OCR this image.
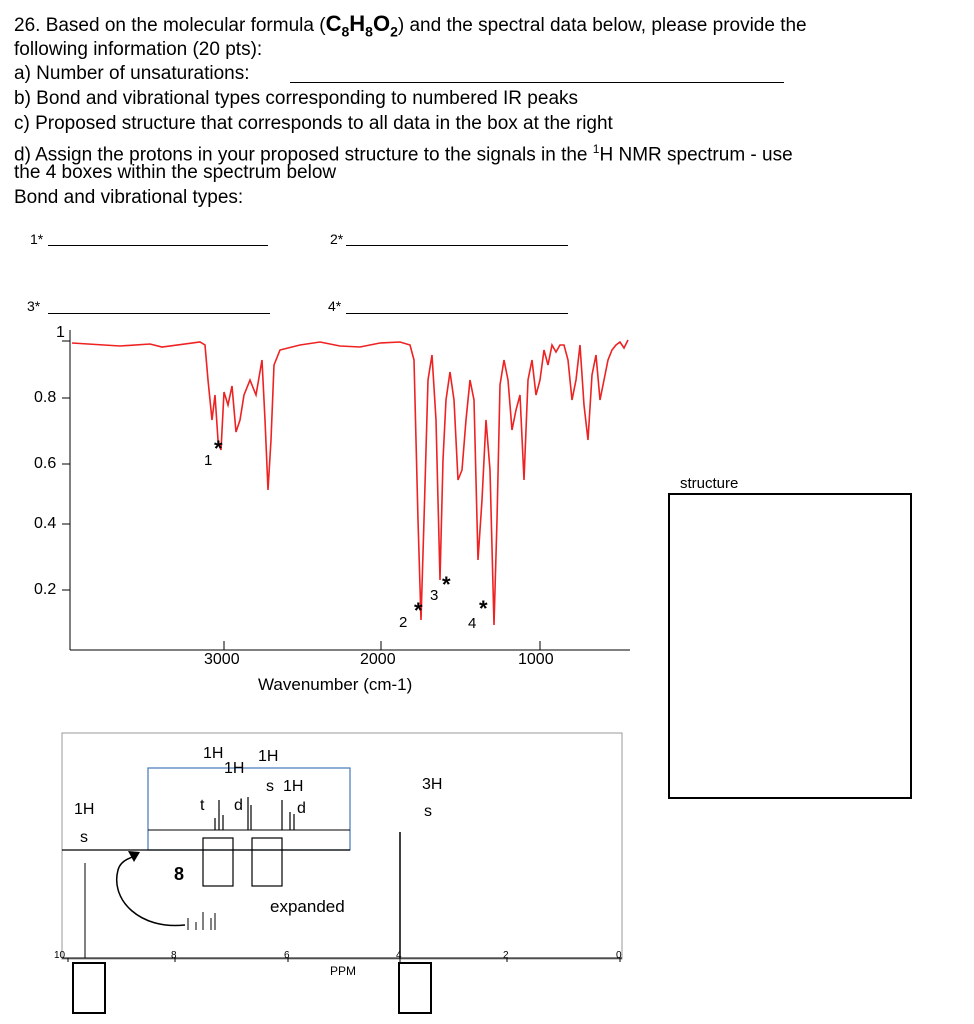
26. Based on the molecular formula $(C_8H_8O_2)$ and the spectral data below, please provide the
following information (20 pts):
a) Number of unsaturations:
b) Bond and vibrational types corresponding to numbered IR peaks
c) Proposed structure that corresponds to all data in the box at the right
d) Assign the protons in your proposed structure to the signals in the $^1$H NMR spectrum - use
the 4 boxes within the spectrum below
Bond and vibrational types:
1*	2*
3*	4*
1
0.8
0.6
0.4
0.2
3000	2000	1000
Wavenumber (cm-1)
1 *
2 *
3 *
4
*
structure
1H
s
1H
1H
1H
1H
t d
s
d
3H
s
8
expanded
10	8	6	4	2	0
PPM
